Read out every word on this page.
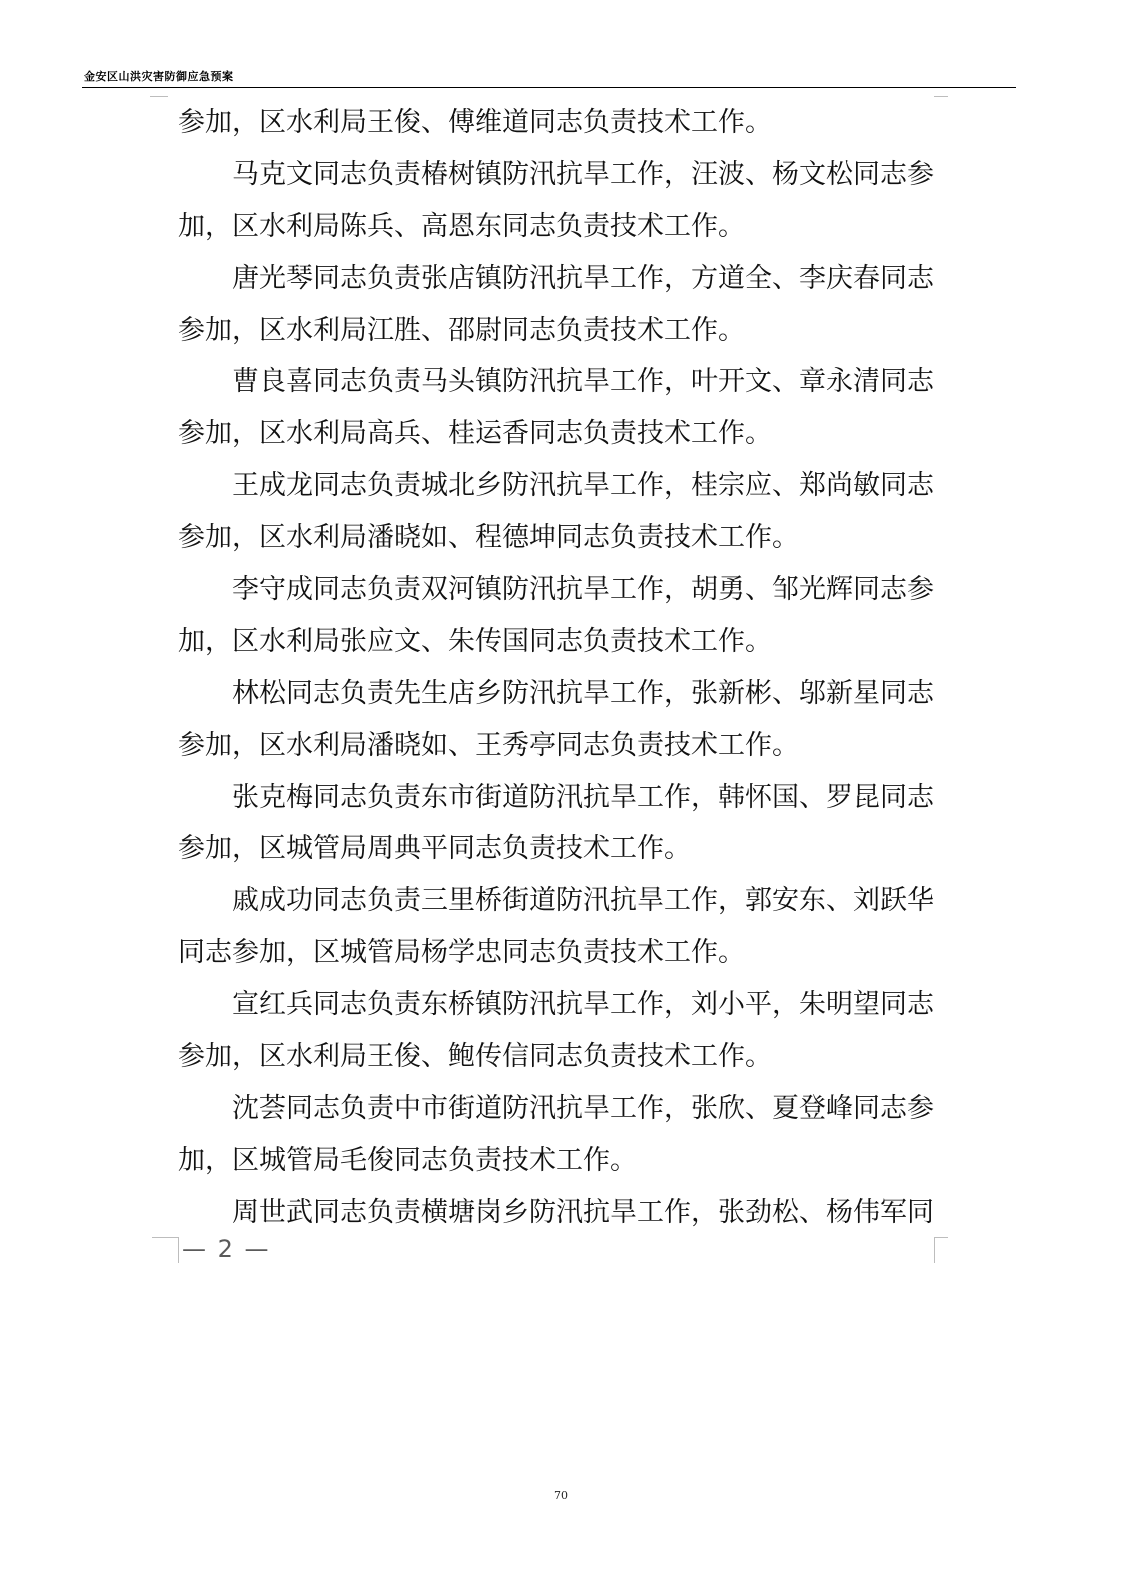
金安区山洪灾害防御应急预案
参加，区水利局王俊、傅维道同志负责技术工作。
马克文同志负责椿树镇防汛抗旱工作，汪波、杨文松同志参
加，区水利局陈兵、高恩东同志负责技术工作。
唐光琴同志负责张店镇防汛抗旱工作，方道全、李庆春同志
参加，区水利局江胜、邵尉同志负责技术工作。
曹良喜同志负责马头镇防汛抗旱工作，叶开文、章永清同志
参加，区水利局高兵、桂运香同志负责技术工作。
王成龙同志负责城北乡防汛抗旱工作，桂宗应、郑尚敏同志
参加，区水利局潘晓如、程德坤同志负责技术工作。
李守成同志负责双河镇防汛抗旱工作，胡勇、邹光辉同志参
加，区水利局张应文、朱传国同志负责技术工作。
林松同志负责先生店乡防汛抗旱工作，张新彬、邬新星同志
参加，区水利局潘晓如、王秀亭同志负责技术工作。
张克梅同志负责东市街道防汛抗旱工作，韩怀国、罗昆同志
参加，区城管局周典平同志负责技术工作。
戚成功同志负责三里桥街道防汛抗旱工作，郭安东、刘跃华
同志参加，区城管局杨学忠同志负责技术工作。
宣红兵同志负责东桥镇防汛抗旱工作，刘小平，朱明望同志
参加，区水利局王俊、鲍传信同志负责技术工作。
沈荟同志负责中市街道防汛抗旱工作，张欣、夏登峰同志参
加，区城管局毛俊同志负责技术工作。
周世武同志负责横塘岗乡防汛抗旱工作，张劲松、杨伟军同
— 2 —
70
